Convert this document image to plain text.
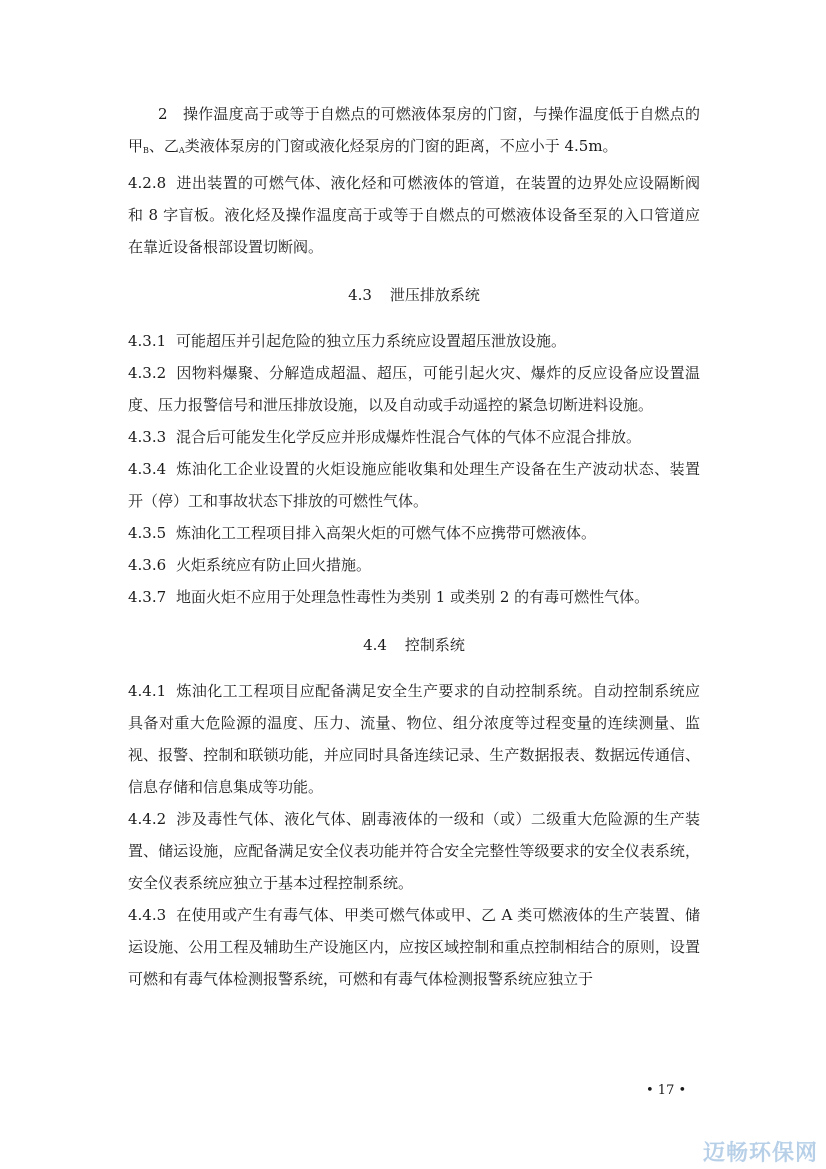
2　操作温度高于或等于自燃点的可燃液体泵房的门窗，与操作温度低于自燃点的甲$_B$、乙$_A$类液体泵房的门窗或液化烃泵房的门窗的距离，不应小于 4.5m。

4.2.8 进出装置的可燃气体、液化烃和可燃液体的管道，在装置的边界处应设隔断阀和 8 字盲板。液化烃及操作温度高于或等于自燃点的可燃液体设备至泵的入口管道应在靠近设备根部设置切断阀。

4.3 泄压排放系统

4.3.1 可能超压并引起危险的独立压力系统应设置超压泄放设施。

4.3.2 因物料爆聚、分解造成超温、超压，可能引起火灾、爆炸的反应设备应设置温度、压力报警信号和泄压排放设施，以及自动或手动遥控的紧急切断进料设施。

4.3.3 混合后可能发生化学反应并形成爆炸性混合气体的气体不应混合排放。

4.3.4 炼油化工企业设置的火炬设施应能收集和处理生产设备在生产波动状态、装置开（停）工和事故状态下排放的可燃性气体。

4.3.5 炼油化工工程项目排入高架火炬的可燃气体不应携带可燃液体。

4.3.6 火炬系统应有防止回火措施。

4.3.7 地面火炬不应用于处理急性毒性为类别 1 或类别 2 的有毒可燃性气体。

4.4 控制系统

4.4.1 炼油化工工程项目应配备满足安全生产要求的自动控制系统。自动控制系统应具备对重大危险源的温度、压力、流量、物位、组分浓度等过程变量的连续测量、监视、报警、控制和联锁功能，并应同时具备连续记录、生产数据报表、数据远传通信、信息存储和信息集成等功能。

4.4.2 涉及毒性气体、液化气体、剧毒液体的一级和（或）二级重大危险源的生产装置、储运设施，应配备满足安全仪表功能并符合安全完整性等级要求的安全仪表系统，安全仪表系统应独立于基本过程控制系统。

4.4.3 在使用或产生有毒气体、甲类可燃气体或甲、乙 A 类可燃液体的生产装置、储运设施、公用工程及辅助生产设施区内，应按区域控制和重点控制相结合的原则，设置可燃和有毒气体检测报警系统，可燃和有毒气体检测报警系统应独立于

• 17 •
迈畅环保网
